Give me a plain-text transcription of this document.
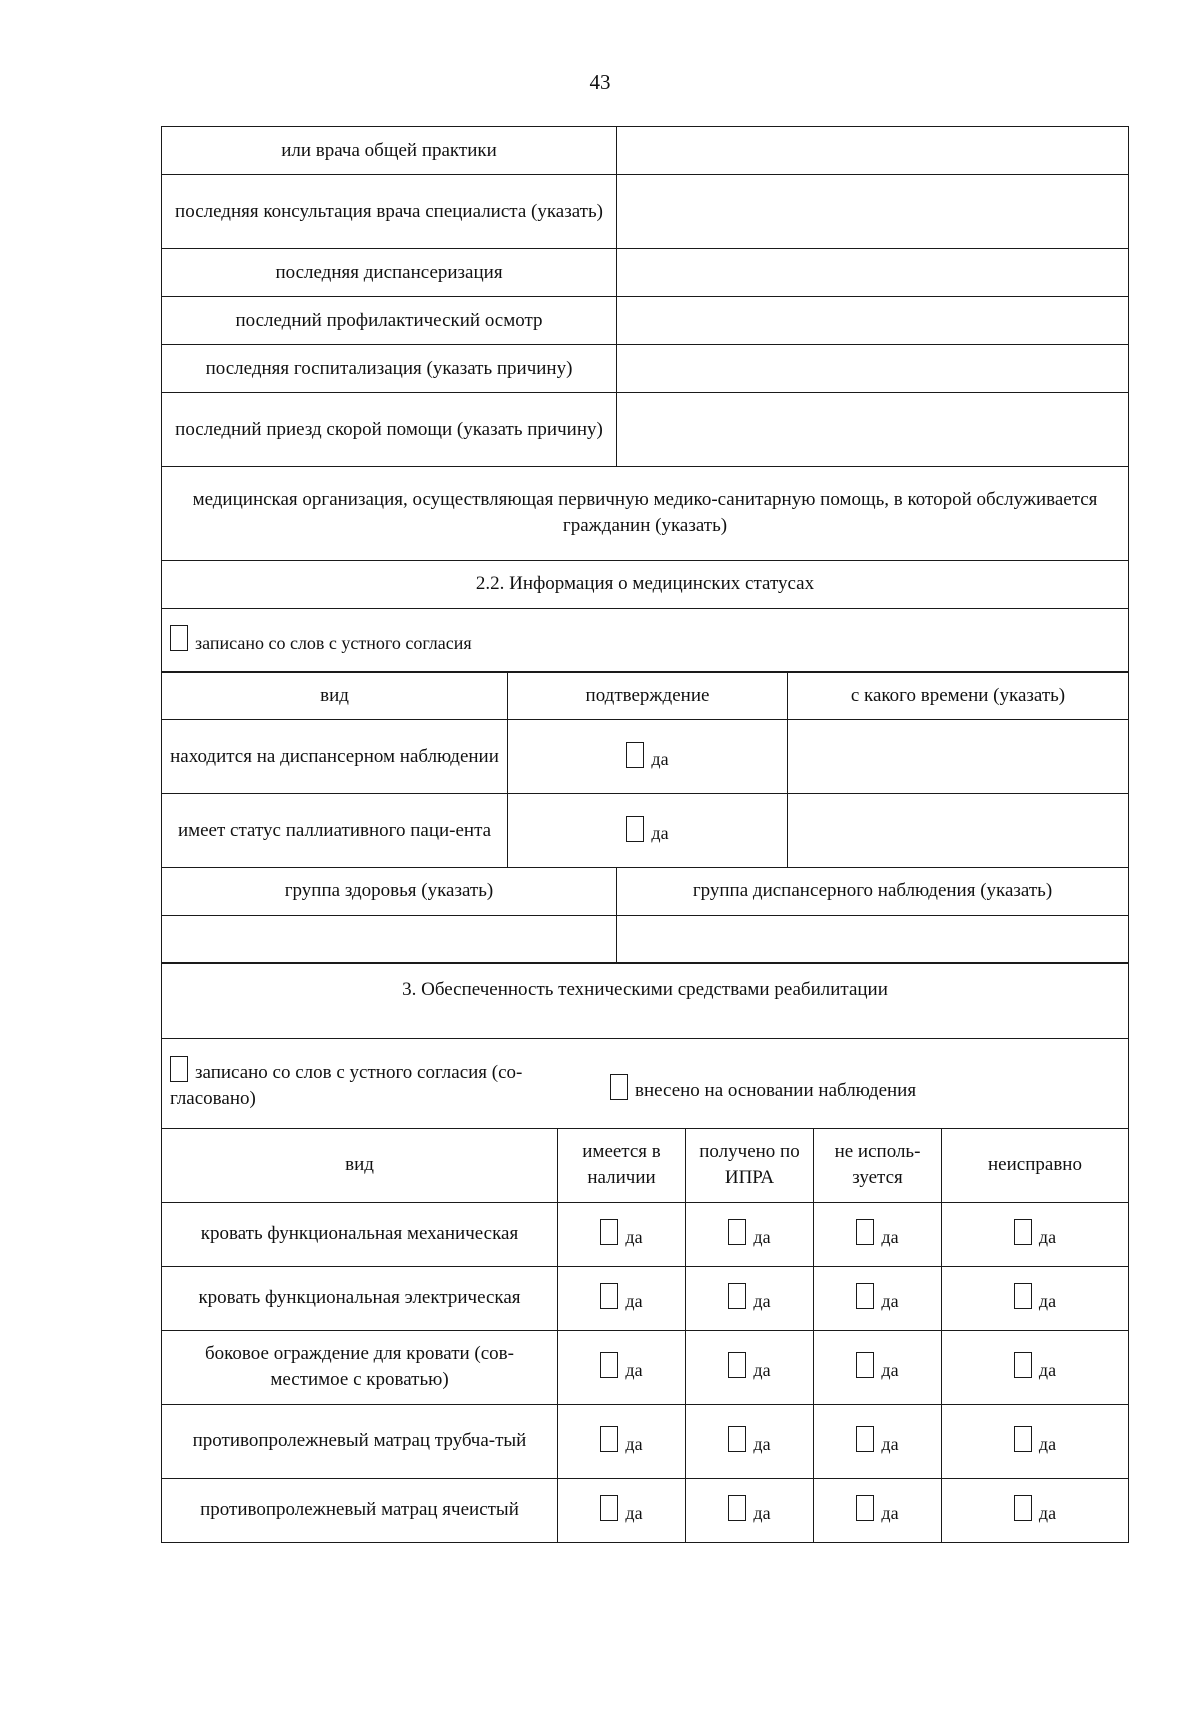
43
или врача общей практики	
последняя консультация врача специалиста (указать)	
последняя диспансеризация	
последний профилактический осмотр	
последняя госпитализация (указать причину)	
последний приезд скорой помощи (указать причину)	
медицинская организация, осуществляющая первичную медико-санитарную помощь, в которой обслуживается гражданин (указать)
2.2. Информация о медицинских статусах
записано со слов с устного согласия
вид	подтверждение	с какого времени (указать)
находится на диспансерном наблюдении	да	
имеет статус паллиативного паци-ента	да	
группа здоровья (указать)	группа диспансерного наблюдения (указать)

3. Обеспеченность техническими средствами реабилитации

записано со слов с устного согласия (со-гласовано)	внесено на основании наблюдения
вид	имеется в наличии	получено по ИПРА	не исполь-зуется	неисправно
кровать функциональная механическая	да	да	да	да
кровать функциональная электрическая	да	да	да	да
боковое ограждение для кровати (сов-местимое с кроватью)	да	да	да	да
противопролежневый матрац трубча-тый	да	да	да	да
противопролежневый матрац ячеистый	да	да	да	да
